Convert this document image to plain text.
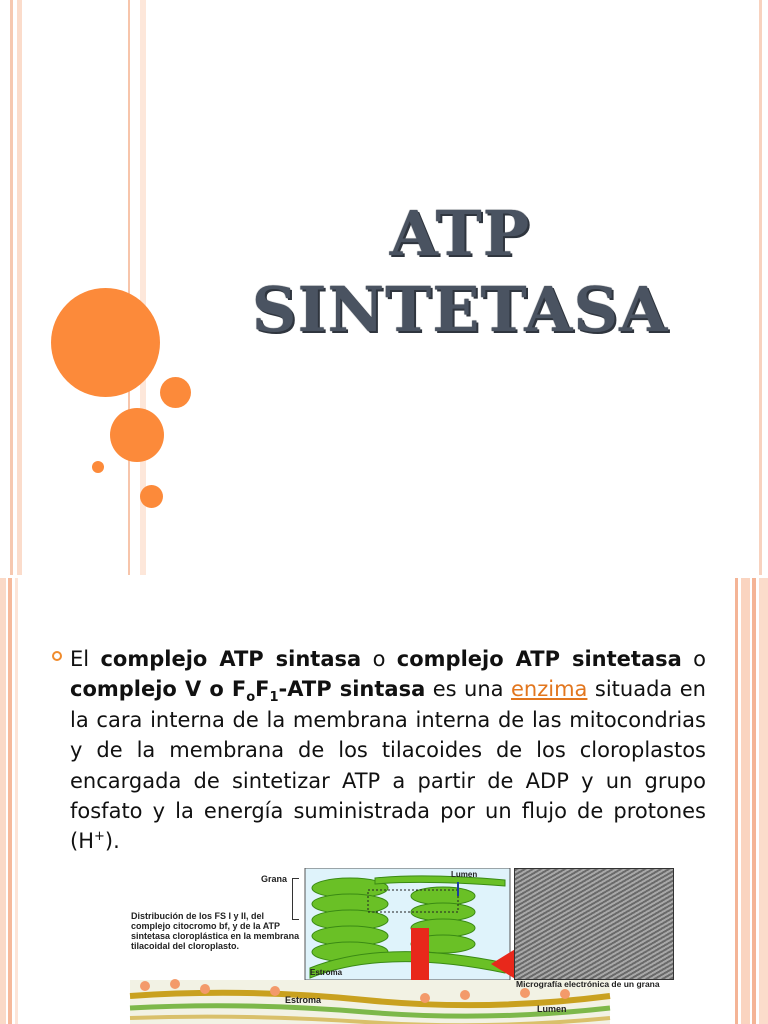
ATP
SINTETASA
El complejo ATP sintasa o complejo ATP sintetasa o complejo V o $F_oF_1$-ATP sintasa es una enzima situada en la cara interna de la membrana interna de las mitocondrias y de la membrana de los tilacoides de los cloroplastos encargada de sintetizar ATP a partir de ADP y un grupo fosfato y la energía suministrada por un flujo de protones (H+).
Distribución de los FS I y II, del complejo citocromo bf, y de la ATP sintetasa cloroplástica en la membrana tilacoidal del cloroplasto.
Grana	Lumen
Estroma
Estroma
Micrografía electrónica de un grana
Lumen
